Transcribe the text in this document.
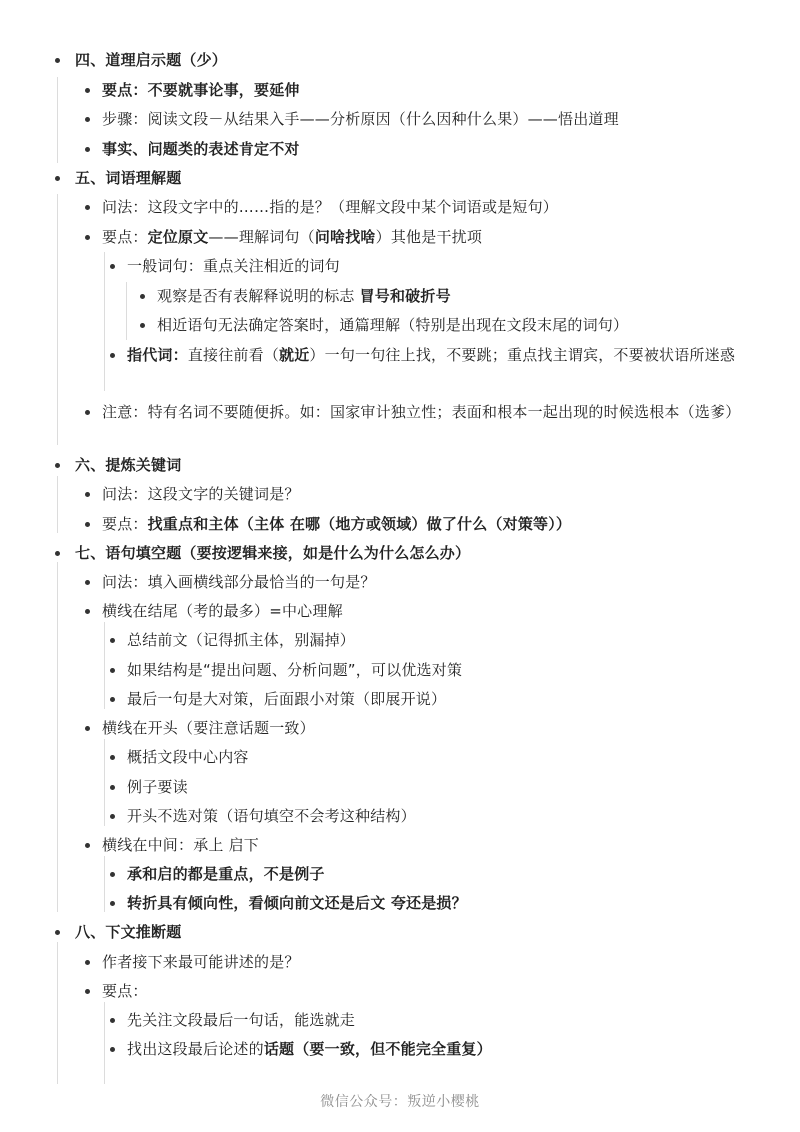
四、道理启示题（少）
要点：不要就事论事，要延伸
步骤：阅读文段－从结果入手——分析原因（什么因种什么果）——悟出道理
事实、问题类的表述肯定不对
五、词语理解题
问法：这段文字中的……指的是？（理解文段中某个词语或是短句）
要点：定位原文——理解词句（问啥找啥）其他是干扰项
一般词句：重点关注相近的词句
观察是否有表解释说明的标志 冒号和破折号
相近语句无法确定答案时，通篇理解（特别是出现在文段末尾的词句）
指代词：直接往前看（就近）一句一句往上找，不要跳；重点找主谓宾，不要被状语所迷惑
注意：特有名词不要随便拆。如：国家审计独立性；表面和根本一起出现的时候选根本（选爹）
六、提炼关键词
问法：这段文字的关键词是？
要点：找重点和主体（主体 在哪（地方或领域）做了什么（对策等））
七、语句填空题（要按逻辑来接，如是什么为什么怎么办）
问法：填入画横线部分最恰当的一句是？
横线在结尾（考的最多）=中心理解
总结前文（记得抓主体，别漏掉）
如果结构是“提出问题、分析问题”，可以优选对策
最后一句是大对策，后面跟小对策（即展开说）
横线在开头（要注意话题一致）
概括文段中心内容
例子要读
开头不选对策（语句填空不会考这种结构）
横线在中间：承上 启下
承和启的都是重点，不是例子
转折具有倾向性，看倾向前文还是后文 夸还是损？
八、下文推断题
作者接下来最可能讲述的是？
要点：
先关注文段最后一句话，能选就走
找出这段最后论述的话题（要一致，但不能完全重复）
微信公众号：叛逆小樱桃
